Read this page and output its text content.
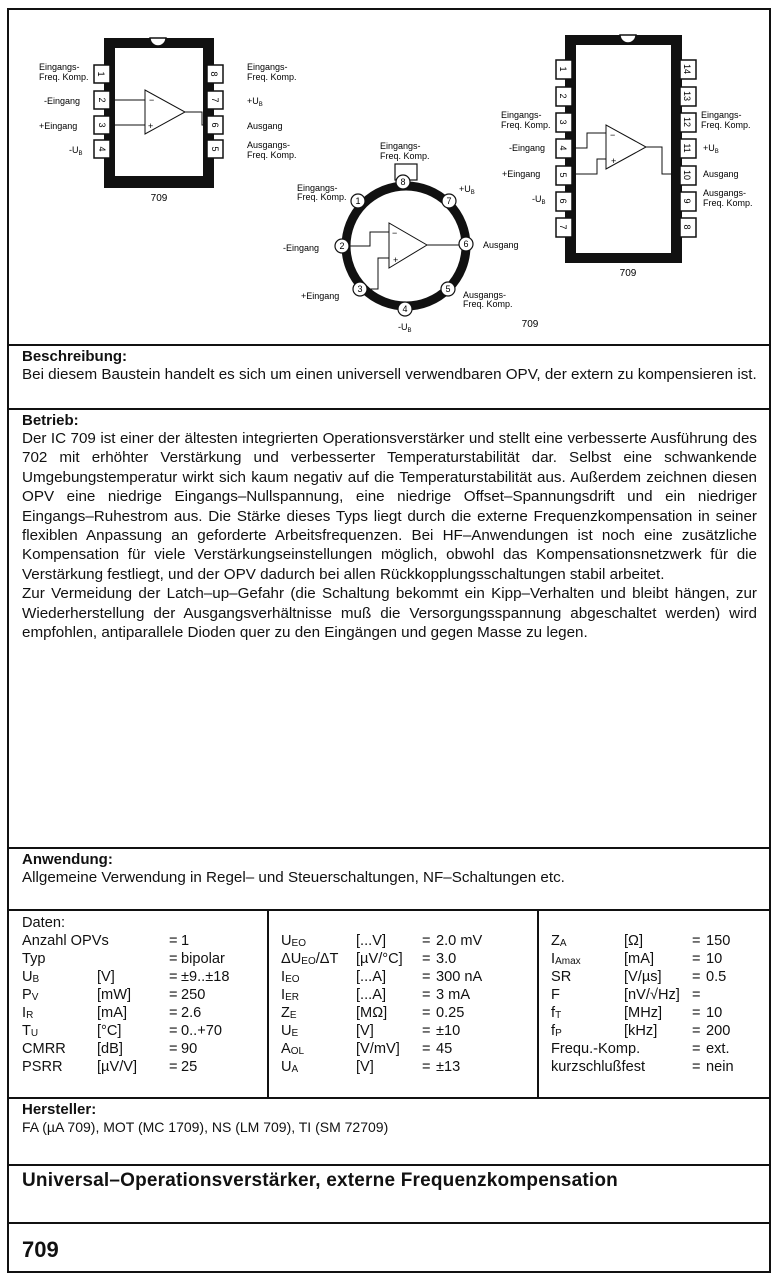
1
2
3
4
8
7
6
5
−
+
Eingangs-
Freq. Komp.
-Eingang
+Eingang
$-U_B$
Eingangs-
Freq. Komp.
$+U_B$
Ausgang
Ausgangs-
Freq. Komp.
709
8
1
2
3
4
5
6
7
−
+
Eingangs-
Freq. Komp.
Eingangs-
Freq. Komp.
$+U_B$
-Eingang	Ausgang
+Eingang	Ausgangs-
Freq. Komp.
$-U_B$
709
1
2
3
4
5
6
7
14
13
12
11
10
9
8
−
+
Eingangs-
Freq. Komp.
-Eingang
+Eingang
$-U_B$
Eingangs-
Freq. Komp.
$+U_B$
Ausgang
Ausgangs-
Freq. Komp.
709
Beschreibung:
Bei diesem Baustein handelt es sich um einen universell verwendbaren OPV, der extern zu kompensieren ist.
Betrieb:

Der IC 709 ist einer der ältesten integrierten Operationsverstärker und stellt eine verbesserte Ausführung des 702 mit erhöhter Verstärkung und verbesserter Temperaturstabilität dar. Selbst eine schwankende Umgebungstemperatur wirkt sich kaum negativ auf die Temperaturstabilität aus. Außerdem zeichnen diesen OPV eine niedrige Eingangs–Nullspannung, eine niedrige Offset–Spannungsdrift und ein niedriger Eingangs–Ruhestrom aus. Die Stärke dieses Typs liegt durch die externe Frequenzkompensation in seiner flexiblen Anpassung an geforderte Arbeitsfrequenzen. Bei HF–Anwendungen ist noch eine zusätzliche Kompensation für viele Verstärkungseinstellungen möglich, obwohl das Kompensationsnetzwerk für die Verstärkung festliegt, und der OPV dadurch bei allen Rückkopplungsschaltungen stabil arbeitet.

Zur Vermeidung der Latch–up–Gefahr (die Schaltung bekommt ein Kipp–Verhalten und bleibt hängen, zur Wiederherstellung der Ausgangsverhältnisse muß die Versorgungsspannung abgeschaltet werden) wird empfohlen, antiparallele Dioden quer zu den Eingängen und gegen Masse zu legen.

Anwendung:
Allgemeine Verwendung in Regel– und Steuerschaltungen, NF–Schaltungen etc.
Daten:
Anzahl OPVs	= 1
Typ	= bipolar
UB	[V]	= ±9..±18
PV	[mW]	= 250
IR	[mA]	= 2.6
TU	[°C]	= 0..+70
CMRR [dB]	= 90
PSRR [µV/V] = 25
UEO	[...V] = 2.0 mV
ΔUEO/ΔT [µV/°C] = 3.0
IEO	[...A] = 300 nA
IER	[...A] = 3 mA
ZE	[MΩ] = 0.25
UE	[V]	= ±10
AOL	[V/mV] = 45
UA	[V]	= ±13
ZA	[Ω]	= 150
IAmax	[mA]	= 10
SR	[V/µs] = 0.5
F	[nV/√Hz] =
fT	[MHz] = 10
fP	[kHz] = 200
Frequ.-Komp.	= ext.
kurzschlußfest	= nein
Hersteller:
FA (µA 709), MOT (MC 1709), NS (LM 709), TI (SM 72709)
Universal–Operationsverstärker, externe Frequenzkompensation
709
